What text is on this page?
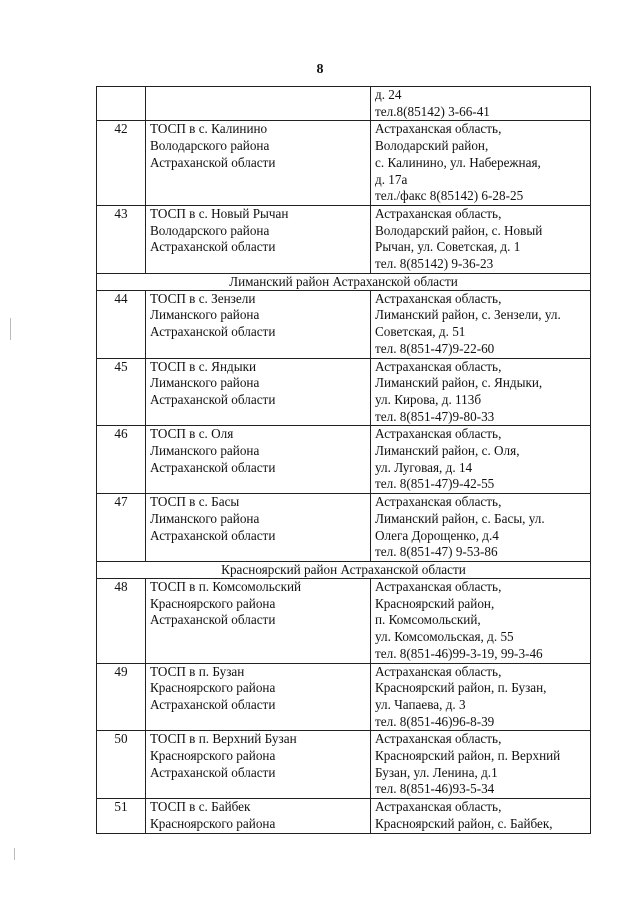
8
		д. 24
тел.8(85142) 3-66-41
42	ТОСП в с. Калинино
Володарского района
Астраханской области	Астраханская область,
Володарский район,
с. Калинино, ул. Набережная,
д. 17а
тел./факс 8(85142) 6-28-25
43	ТОСП в с. Новый Рычан
Володарского района
Астраханской области	Астраханская область,
Володарский район, с. Новый
Рычан, ул. Советская, д. 1
тел. 8(85142) 9-36-23
Лиманский район Астраханской области		
44	ТОСП в с. Зензели
Лиманского района
Астраханской области	Астраханская область,
Лиманский район, с. Зензели, ул.
Советская, д. 51
тел. 8(851-47)9-22-60
45	ТОСП в с. Яндыки
Лиманского района
Астраханской области	Астраханская область,
Лиманский район, с. Яндыки,
ул. Кирова, д. 113б
тел. 8(851-47)9-80-33
46	ТОСП в с. Оля
Лиманского района
Астраханской области	Астраханская область,
Лиманский район, с. Оля,
ул. Луговая, д. 14
тел. 8(851-47)9-42-55
47	ТОСП в с. Басы
Лиманского района
Астраханской области	Астраханская область,
Лиманский район, с. Басы, ул.
Олега Дорощенко, д.4
тел. 8(851-47) 9-53-86
Красноярский район Астраханской области		
48	ТОСП в п. Комсомольский
Красноярского района
Астраханской области	Астраханская область,
Красноярский район,
п. Комсомольский,
ул. Комсомольская, д. 55
тел. 8(851-46)99-3-19, 99-3-46
49	ТОСП в п. Бузан
Красноярского района
Астраханской области	Астраханская область,
Красноярский район, п. Бузан,
ул. Чапаева, д. 3
тел. 8(851-46)96-8-39
50	ТОСП в п. Верхний Бузан
Красноярского района
Астраханской области	Астраханская область,
Красноярский район, п. Верхний
Бузан, ул. Ленина, д.1
тел. 8(851-46)93-5-34
51	ТОСП в с. Байбек
Красноярского района	Астраханская область,
Красноярский район, с. Байбек,
